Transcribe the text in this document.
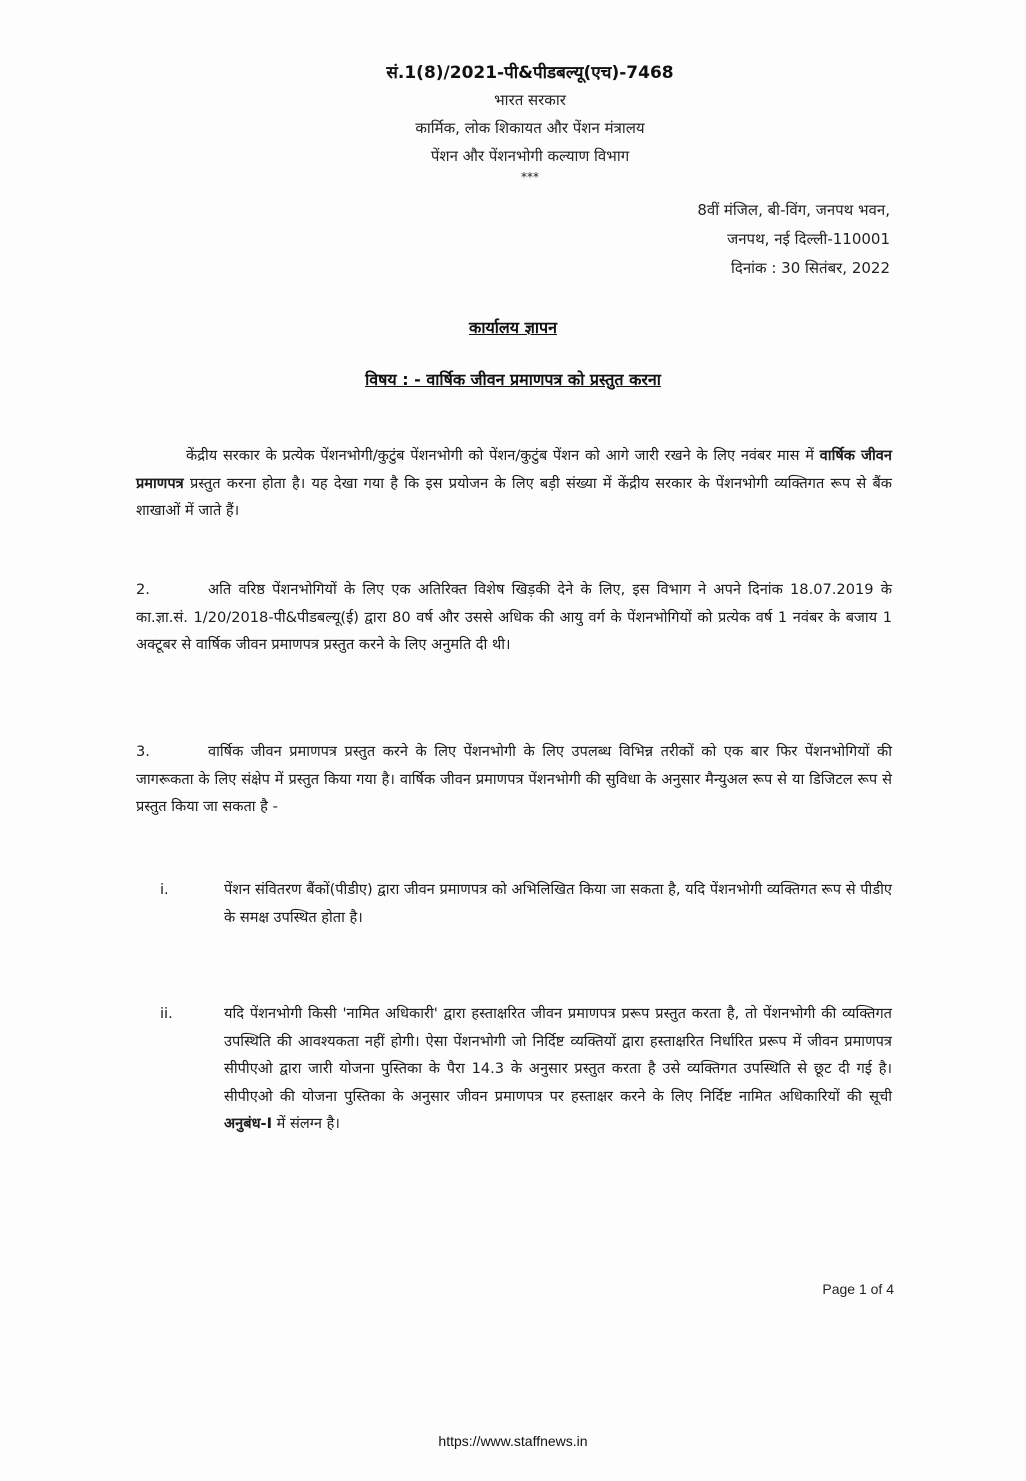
सं.1(8)/2021-पी&पीडबल्यू(एच)-7468
भारत सरकार
कार्मिक, लोक शिकायत और पेंशन मंत्रालय
पेंशन और पेंशनभोगी कल्याण विभाग
***
8वीं मंजिल, बी-विंग, जनपथ भवन,
जनपथ, नई दिल्ली-110001
दिनांक : 30 सितंबर, 2022
कार्यालय ज्ञापन
विषय : - वार्षिक जीवन प्रमाणपत्र को प्रस्तुत करना
केंद्रीय सरकार के प्रत्येक पेंशनभोगी/कुटुंब पेंशनभोगी को पेंशन/कुटुंब पेंशन को आगे जारी रखने के लिए नवंबर मास में वार्षिक जीवन प्रमाणपत्र प्रस्तुत करना होता है। यह देखा गया है कि इस प्रयोजन के लिए बड़ी संख्या में केंद्रीय सरकार के पेंशनभोगी व्यक्तिगत रूप से बैंक शाखाओं में जाते हैं।
2.	अति वरिष्ठ पेंशनभोगियों के लिए एक अतिरिक्त विशेष खिड़की देने के लिए, इस विभाग ने अपने दिनांक 18.07.2019 के का.ज्ञा.सं. 1/20/2018-पी&पीडबल्यू(ई) द्वारा 80 वर्ष और उससे अधिक की आयु वर्ग के पेंशनभोगियों को प्रत्येक वर्ष 1 नवंबर के बजाय 1 अक्टूबर से वार्षिक जीवन प्रमाणपत्र प्रस्तुत करने के लिए अनुमति दी थी।
3.	वार्षिक जीवन प्रमाणपत्र प्रस्तुत करने के लिए पेंशनभोगी के लिए उपलब्ध विभिन्न तरीकों को एक बार फिर पेंशनभोगियों की जागरूकता के लिए संक्षेप में प्रस्तुत किया गया है। वार्षिक जीवन प्रमाणपत्र पेंशनभोगी की सुविधा के अनुसार मैन्युअल रूप से या डिजिटल रूप से प्रस्तुत किया जा सकता है -
i.	पेंशन संवितरण बैंकों(पीडीए) द्वारा जीवन प्रमाणपत्र को अभिलिखित किया जा सकता है, यदि पेंशनभोगी व्यक्तिगत रूप से पीडीए के समक्ष उपस्थित होता है।
ii.	यदि पेंशनभोगी किसी 'नामित अधिकारी' द्वारा हस्ताक्षरित जीवन प्रमाणपत्र प्ररूप प्रस्तुत करता है, तो पेंशनभोगी की व्यक्तिगत उपस्थिति की आवश्यकता नहीं होगी। ऐसा पेंशनभोगी जो निर्दिष्ट व्यक्तियों द्वारा हस्ताक्षरित निर्धारित प्ररूप में जीवन प्रमाणपत्र सीपीएओ द्वारा जारी योजना पुस्तिका के पैरा 14.3 के अनुसार प्रस्तुत करता है उसे व्यक्तिगत उपस्थिति से छूट दी गई है। सीपीएओ की योजना पुस्तिका के अनुसार जीवन प्रमाणपत्र पर हस्ताक्षर करने के लिए निर्दिष्ट नामित अधिकारियों की सूची अनुबंध-I में संलग्न है।
Page 1 of 4
https://www.staffnews.in
